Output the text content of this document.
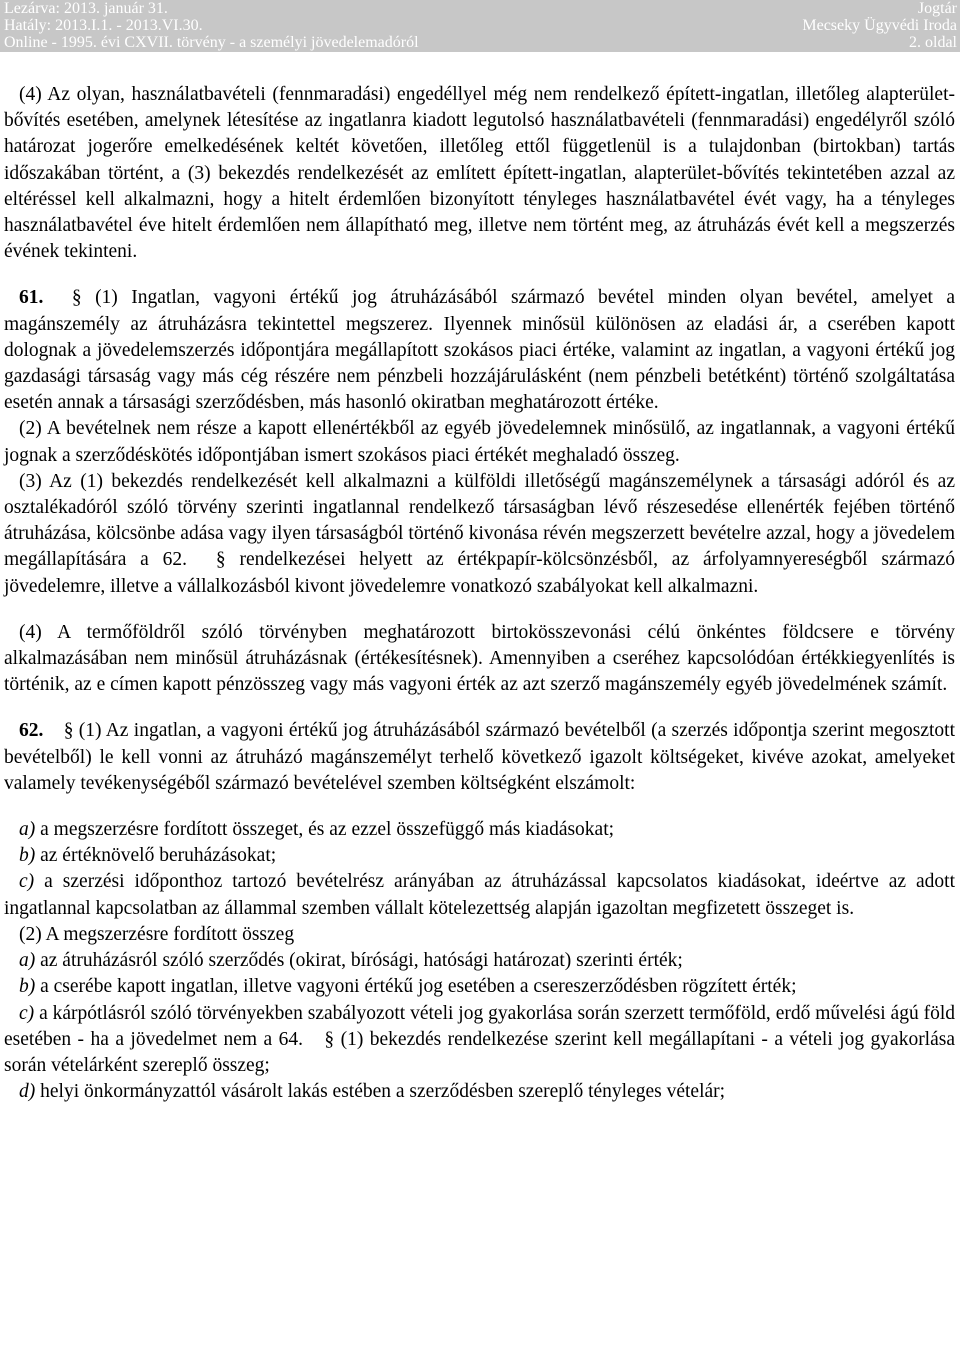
Lezárva: 2013. január 31.
Hatály: 2013.I.1. - 2013.VI.30.
Online - 1995. évi CXVII. törvény - a személyi jövedelemadóról
Jogtár
Mecseky Ügyvédi Iroda
2. oldal

(4) Az olyan, használatbavételi (fennmaradási) engedéllyel még nem rendelkező épített-ingatlan, illetőleg alapterület-bővítés esetében, amelynek létesítése az ingatlanra kiadott legutolsó használatbavételi (fennmaradási) engedélyről szóló határozat jogerőre emelkedésének keltét követően, illetőleg ettől függetlenül is a tulajdonban (birtokban) tartás időszakában történt, a (3) bekezdés rendelkezését az említett épített-ingatlan, alapterület-bővítés tekintetében azzal az eltéréssel kell alkalmazni, hogy a hitelt érdemlően bizonyított tényleges használatbavétel évét vagy, ha a tényleges használatbavétel éve hitelt érdemlően nem állapítható meg, illetve nem történt meg, az átruházás évét kell a megszerzés évének tekinteni.

61. § (1) Ingatlan, vagyoni értékű jog átruházásából származó bevétel minden olyan bevétel, amelyet a magánszemély az átruházásra tekintettel megszerez. Ilyennek minősül különösen az eladási ár, a cserében kapott dolognak a jövedelemszerzés időpontjára megállapított szokásos piaci értéke, valamint az ingatlan, a vagyoni értékű jog gazdasági társaság vagy más cég részére nem pénzbeli hozzájárulásként (nem pénzbeli betétként) történő szolgáltatása esetén annak a társasági szerződésben, más hasonló okiratban meghatározott értéke.

(2) A bevételnek nem része a kapott ellenértékből az egyéb jövedelemnek minősülő, az ingatlannak, a vagyoni értékű jognak a szerződéskötés időpontjában ismert szokásos piaci értékét meghaladó összeg.

(3) Az (1) bekezdés rendelkezését kell alkalmazni a külföldi illetőségű magánszemélynek a társasági adóról és az osztalékadóról szóló törvény szerinti ingatlannal rendelkező társaságban lévő részesedése ellenérték fejében történő átruházása, kölcsönbe adása vagy ilyen társaságból történő kivonása révén megszerzett bevételre azzal, hogy a jövedelem megállapítására a 62. § rendelkezései helyett az értékpapír-kölcsönzésből, az árfolyamnyereségből származó jövedelemre, illetve a vállalkozásból kivont jövedelemre vonatkozó szabályokat kell alkalmazni.

(4) A termőföldről szóló törvényben meghatározott birtokösszevonási célú önkéntes földcsere e törvény alkalmazásában nem minősül átruházásnak (értékesítésnek). Amennyiben a cseréhez kapcsolódóan értékkiegyenlítés is történik, az e címen kapott pénzösszeg vagy más vagyoni érték az azt szerző magánszemély egyéb jövedelmének számít.

62. § (1) Az ingatlan, a vagyoni értékű jog átruházásából származó bevételből (a szerzés időpontja szerint megosztott bevételből) le kell vonni az átruházó magánszemélyt terhelő következő igazolt költségeket, kivéve azokat, amelyeket valamely tevékenységéből származó bevételével szemben költségként elszámolt:

a) a megszerzésre fordított összeget, és az ezzel összefüggő más kiadásokat;

b) az értéknövelő beruházásokat;

c) a szerzési időponthoz tartozó bevételrész arányában az átruházással kapcsolatos kiadásokat, ideértve az adott ingatlannal kapcsolatban az állammal szemben vállalt kötelezettség alapján igazoltan megfizetett összeget is.

(2) A megszerzésre fordított összeg

a) az átruházásról szóló szerződés (okirat, bírósági, hatósági határozat) szerinti érték;

b) a cserébe kapott ingatlan, illetve vagyoni értékű jog esetében a csereszerződésben rögzített érték;

c) a kárpótlásról szóló törvényekben szabályozott vételi jog gyakorlása során szerzett termőföld, erdő művelési ágú föld esetében - ha a jövedelmet nem a 64. § (1) bekezdés rendelkezése szerint kell megállapítani - a vételi jog gyakorlása során vételárként szereplő összeg;

d) helyi önkormányzattól vásárolt lakás estében a szerződésben szereplő tényleges vételár;
